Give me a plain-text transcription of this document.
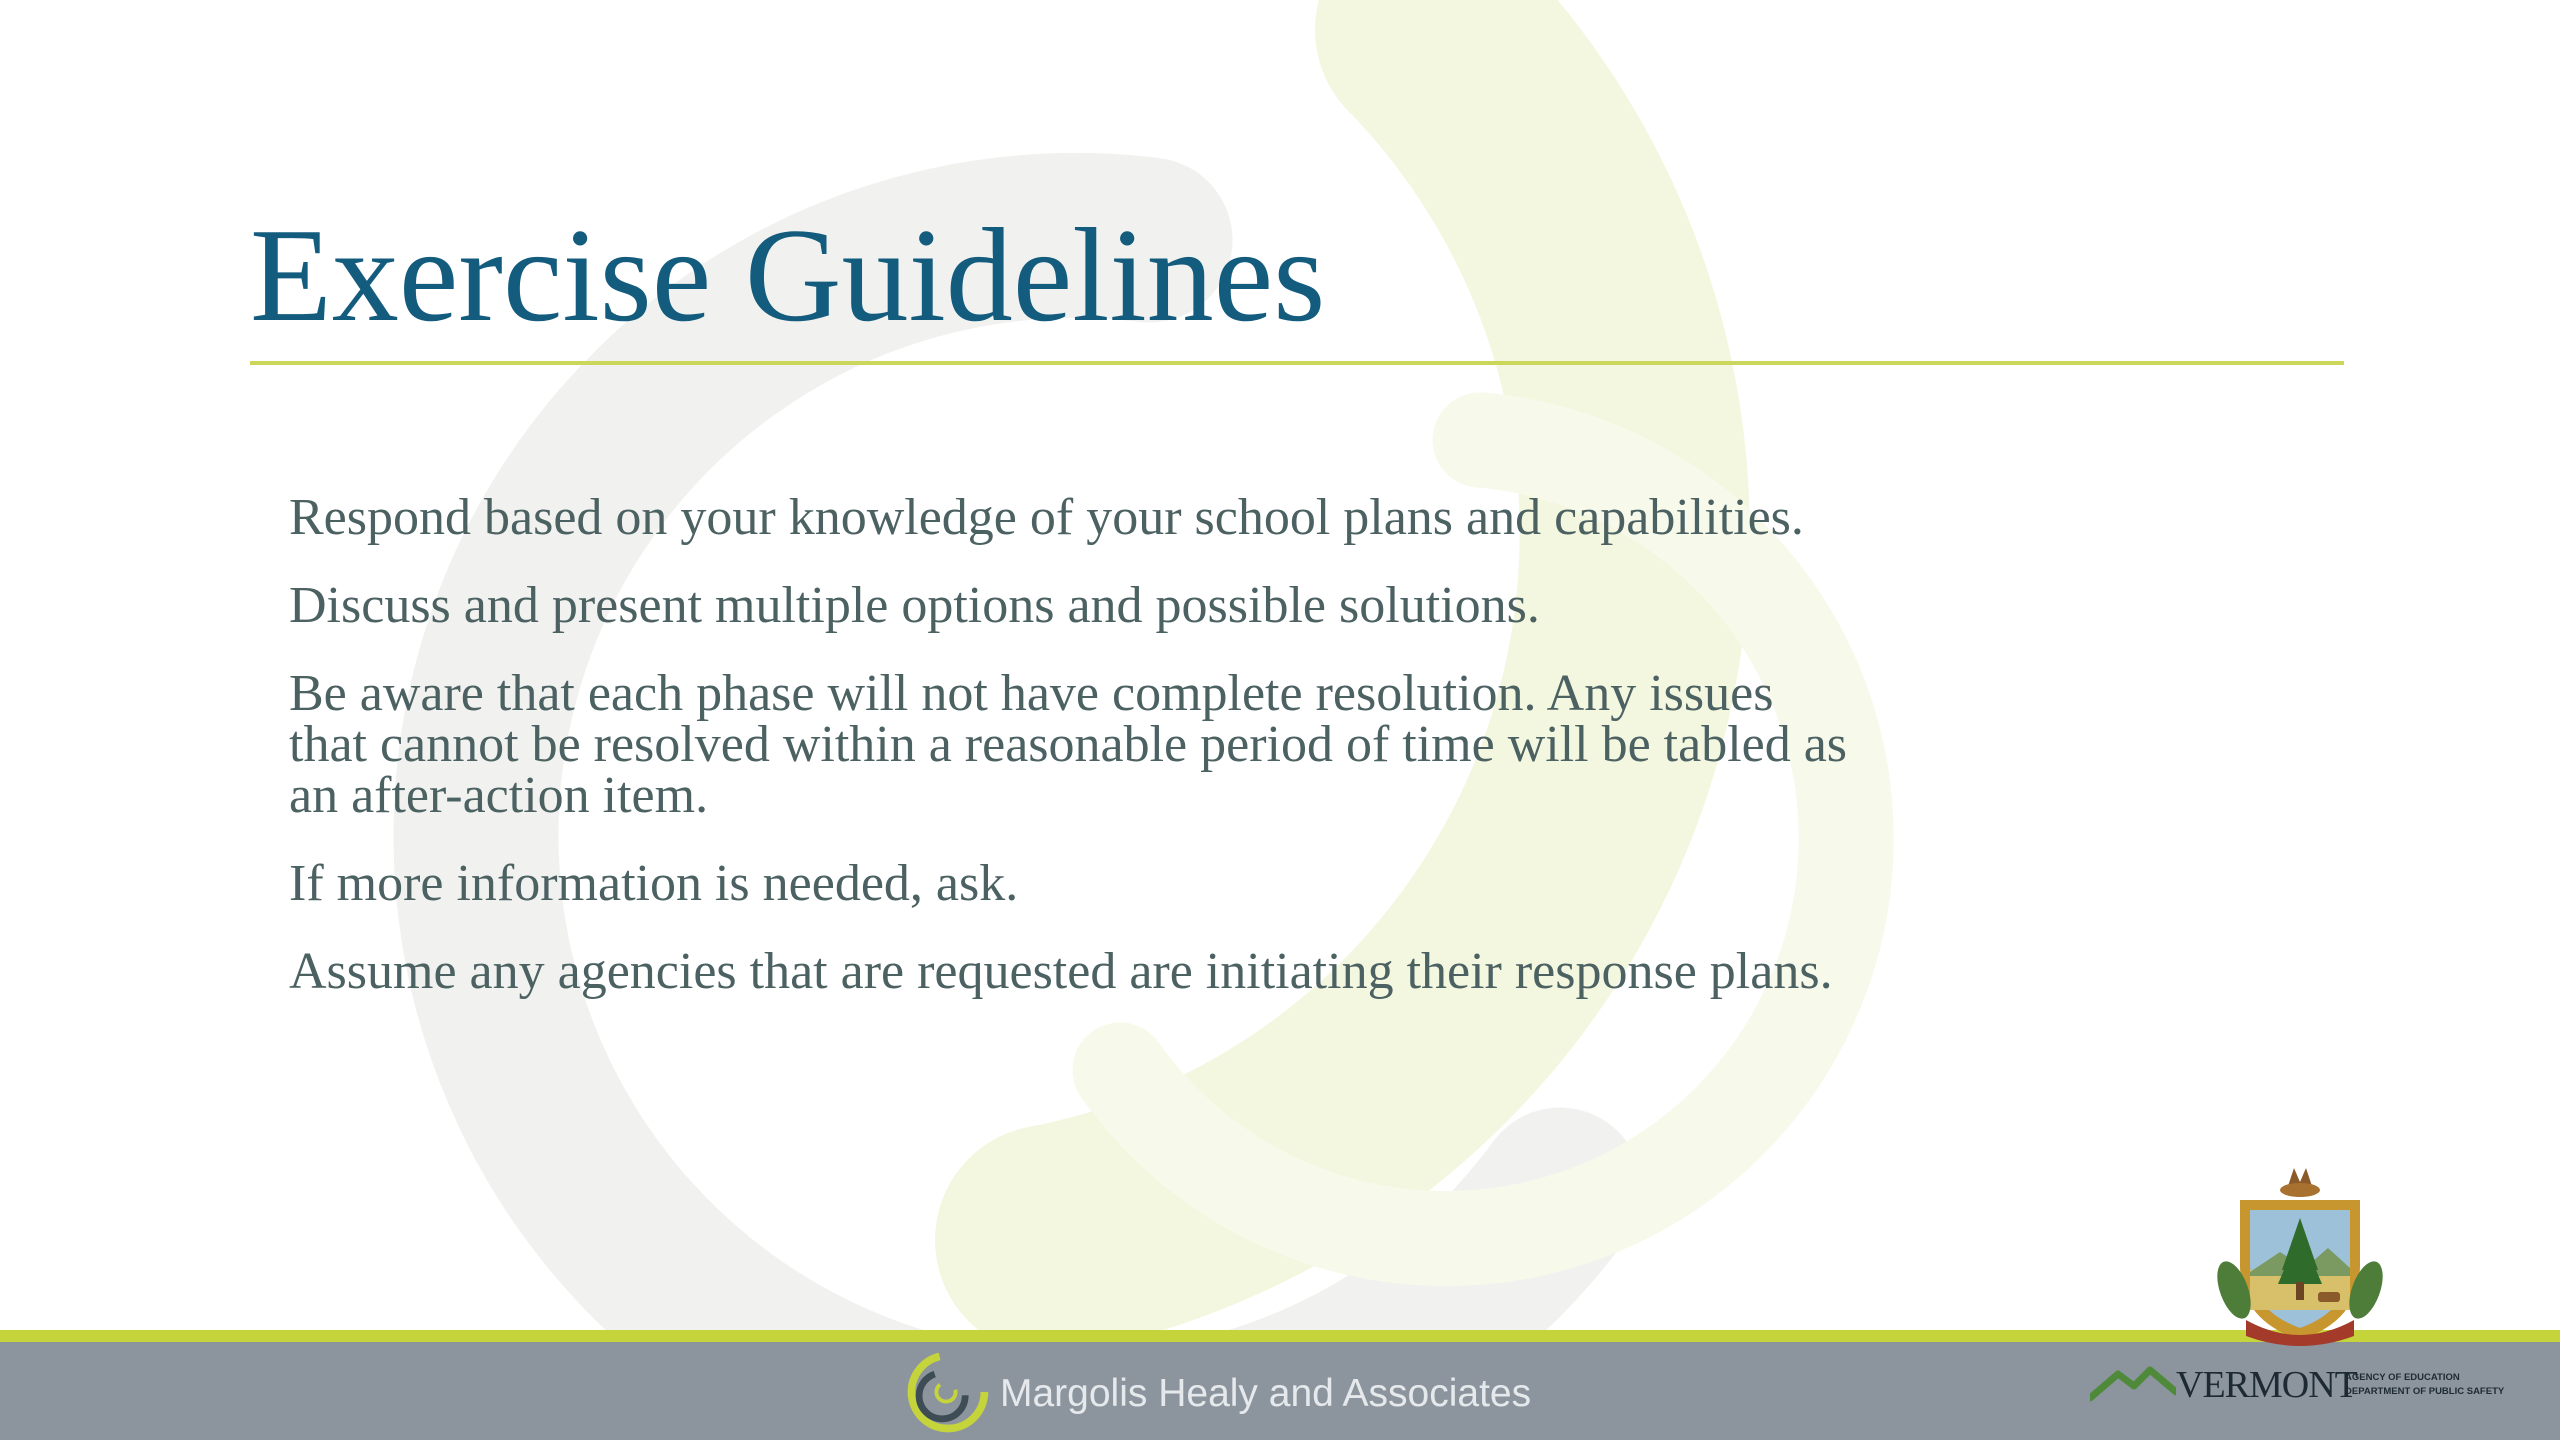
Exercise Guidelines
Respond based on your knowledge of your school plans and capabilities.
Discuss and present multiple options and possible solutions.
Be aware that each phase will not have complete resolution. Any issues that cannot be resolved within a reasonable period of time will be tabled as an after-action item.
If more information is needed, ask.
Assume any agencies that are requested are initiating their response plans.
Margolis Healy and Associates	VERMONT
AGENCY OF EDUCATION
DEPARTMENT OF PUBLIC SAFETY
